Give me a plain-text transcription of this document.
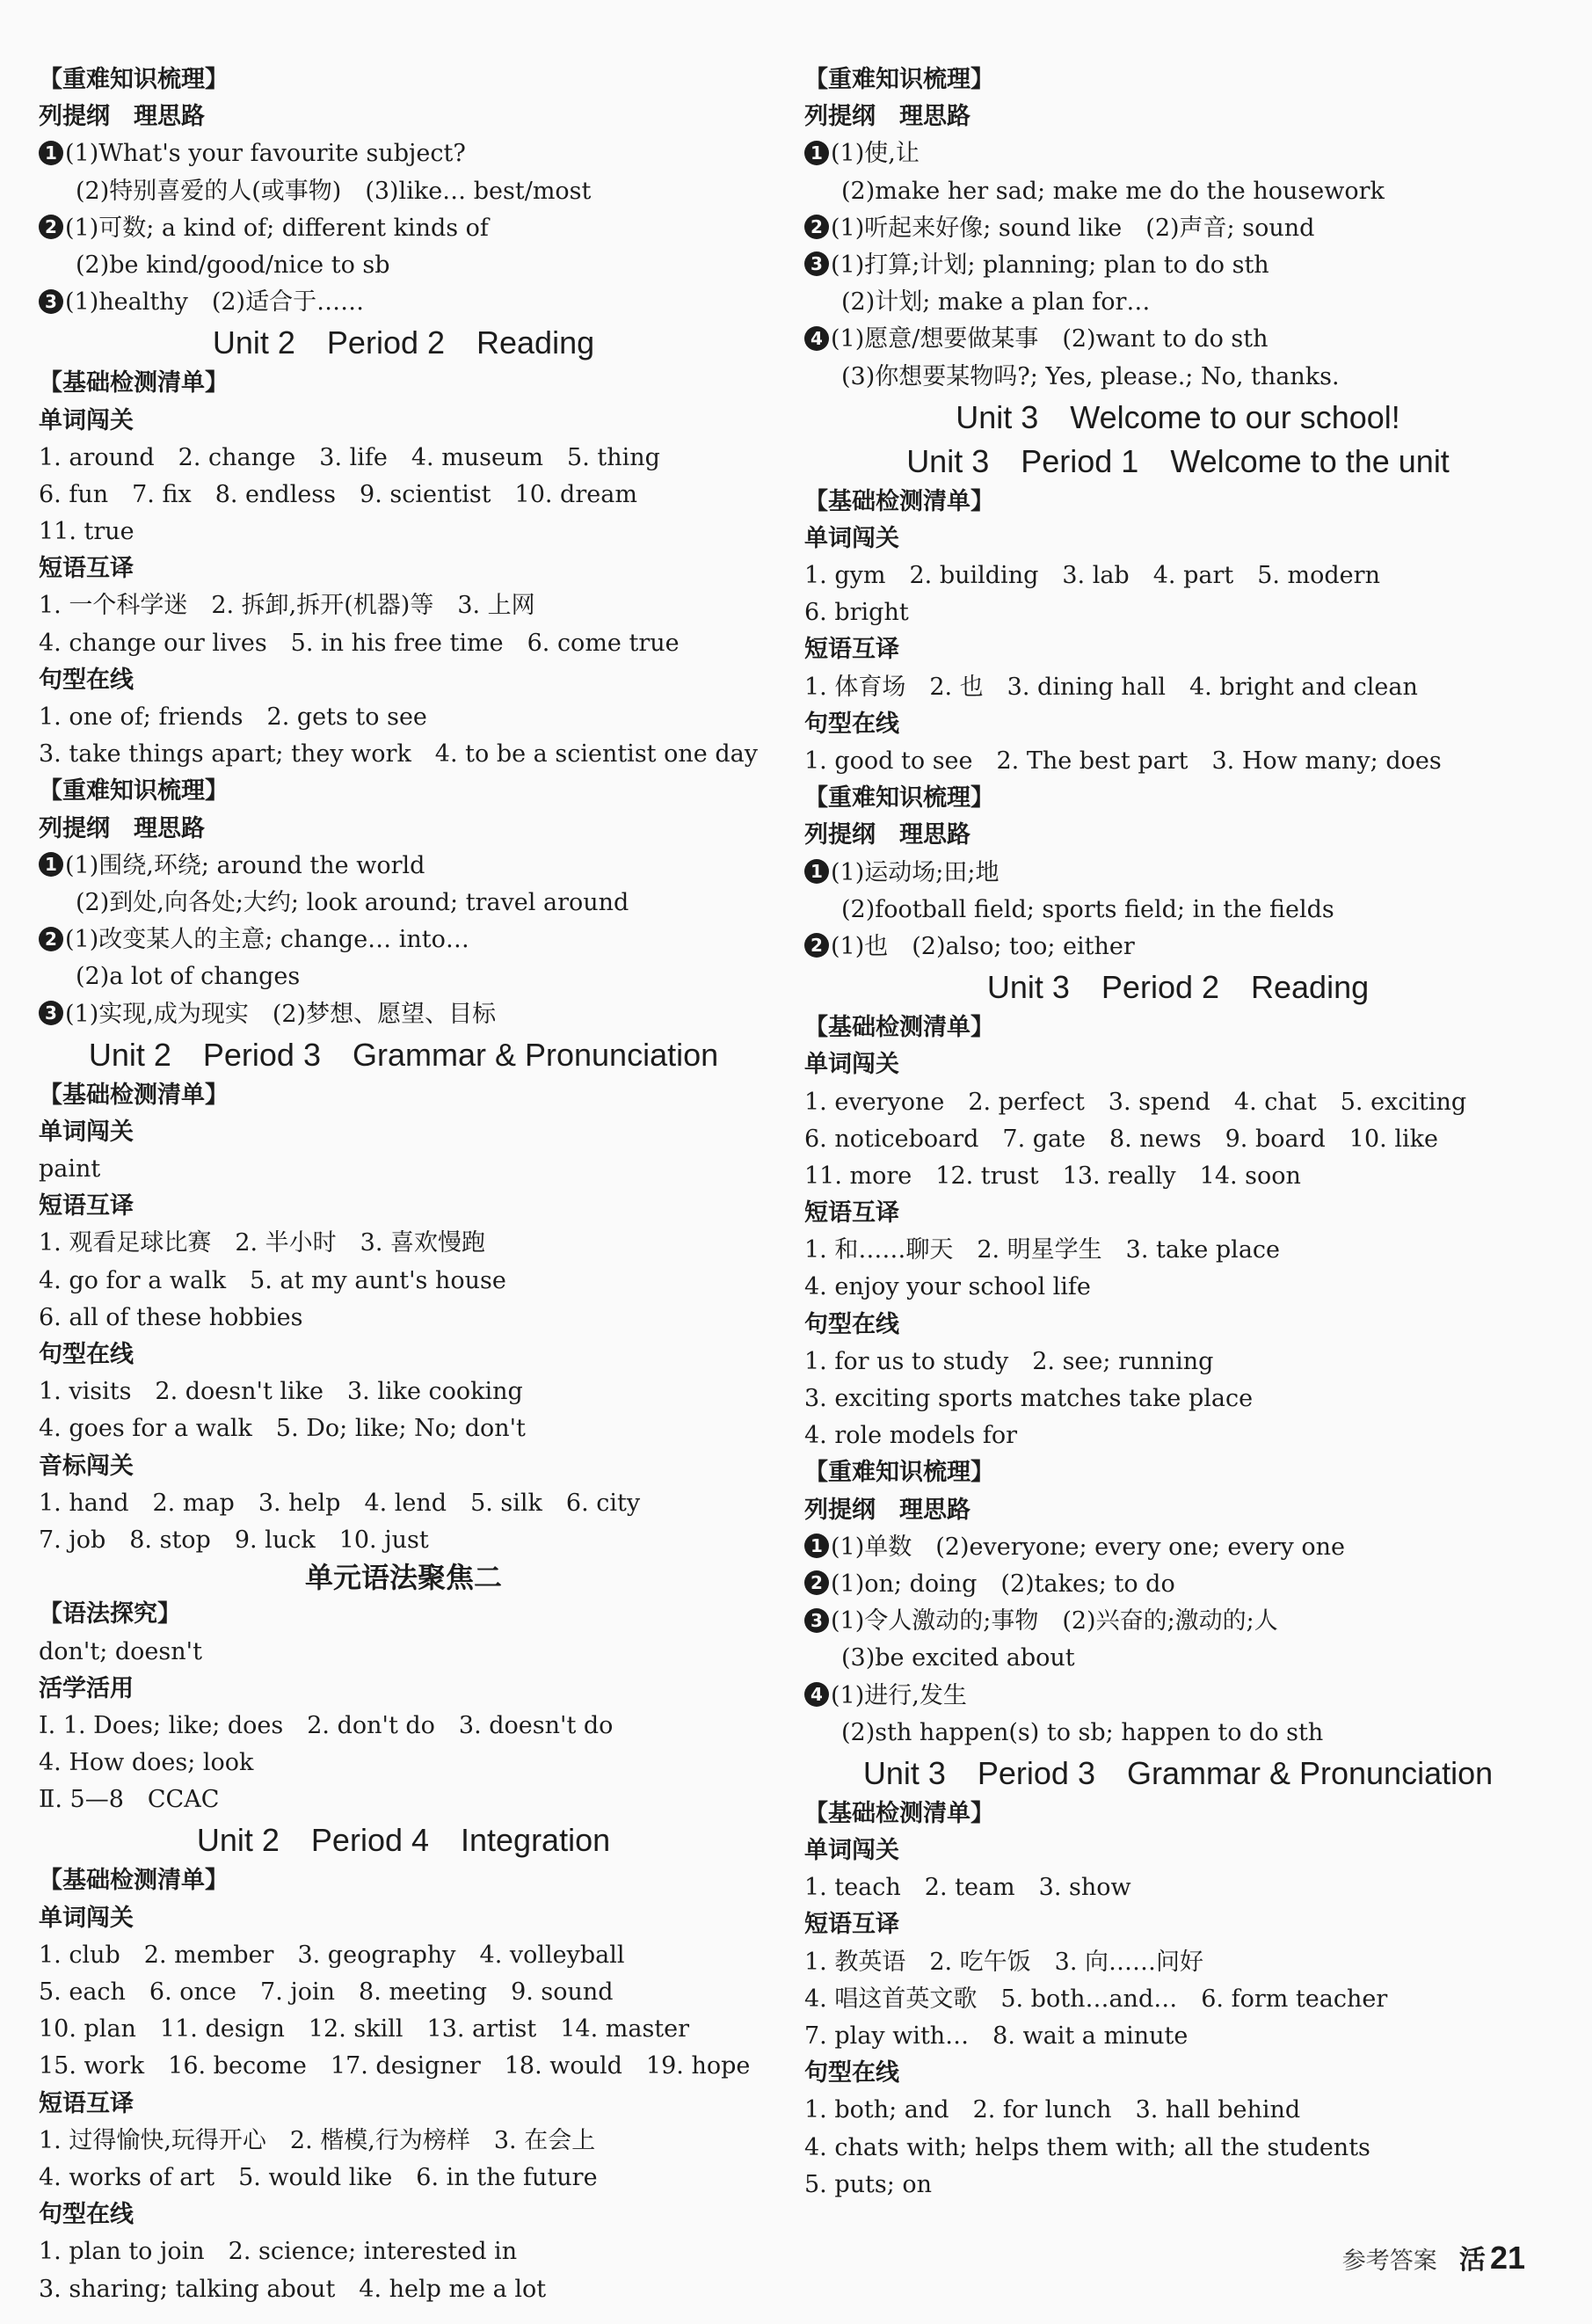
【重难知识梳理】
列提纲　理思路
1 (1)What's your favourite subject?
(2)特别喜爱的人(或事物)　(3)like… best/most
2 (1)可数; a kind of; different kinds of
(2)be kind/good/nice to sb
3 (1)healthy　(2)适合于……
Unit 2　Period 2　Reading
【基础检测清单】
单词闯关
1. around　2. change　3. life　4. museum　5. thing
6. fun　7. fix　8. endless　9. scientist　10. dream
11. true
短语互译
1. 一个科学迷　2. 拆卸,拆开(机器)等　3. 上网
4. change our lives　5. in his free time　6. come true
句型在线
1. one of; friends　2. gets to see
3. take things apart; they work　4. to be a scientist one day
【重难知识梳理】
列提纲　理思路
1 (1)围绕,环绕; around the world
(2)到处,向各处;大约; look around; travel around
2 (1)改变某人的主意; change… into…
(2)a lot of changes
3 (1)实现,成为现实　(2)梦想、愿望、目标
Unit 2　Period 3　Grammar & Pronunciation
【基础检测清单】
单词闯关
paint
短语互译
1. 观看足球比赛　2. 半小时　3. 喜欢慢跑
4. go for a walk　5. at my aunt's house
6. all of these hobbies
句型在线
1. visits　2. doesn't like　3. like cooking
4. goes for a walk　5. Do; like; No; don't
音标闯关
1. hand　2. map　3. help　4. lend　5. silk　6. city
7. job　8. stop　9. luck　10. just
单元语法聚焦二
【语法探究】
don't; doesn't
活学活用
Ⅰ. 1. Does; like; does　2. don't do　3. doesn't do
4. How does; look
Ⅱ. 5—8　CCAC
Unit 2　Period 4　Integration
【基础检测清单】
单词闯关
1. club　2. member　3. geography　4. volleyball
5. each　6. once　7. join　8. meeting　9. sound
10. plan　11. design　12. skill　13. artist　14. master
15. work　16. become　17. designer　18. would　19. hope
短语互译
1. 过得愉快,玩得开心　2. 楷模,行为榜样　3. 在会上
4. works of art　5. would like　6. in the future
句型在线
1. plan to join　2. science; interested in
3. sharing; talking about　4. help me a lot
【重难知识梳理】
列提纲　理思路
1 (1)使,让
(2)make her sad; make me do the housework
2 (1)听起来好像; sound like　(2)声音; sound
3 (1)打算;计划; planning; plan to do sth
(2)计划; make a plan for…
4 (1)愿意/想要做某事　(2)want to do sth
(3)你想要某物吗?; Yes, please.; No, thanks.
Unit 3　Welcome to our school!
Unit 3　Period 1　Welcome to the unit
【基础检测清单】
单词闯关
1. gym　2. building　3. lab　4. part　5. modern
6. bright
短语互译
1. 体育场　2. 也　3. dining hall　4. bright and clean
句型在线
1. good to see　2. The best part　3. How many; does
【重难知识梳理】
列提纲　理思路
1 (1)运动场;田;地
(2)football field; sports field; in the fields
2 (1)也　(2)also; too; either
Unit 3　Period 2　Reading
【基础检测清单】
单词闯关
1. everyone　2. perfect　3. spend　4. chat　5. exciting
6. noticeboard　7. gate　8. news　9. board　10. like
11. more　12. trust　13. really　14. soon
短语互译
1. 和……聊天　2. 明星学生　3. take place
4. enjoy your school life
句型在线
1. for us to study　2. see; running
3. exciting sports matches take place
4. role models for
【重难知识梳理】
列提纲　理思路
1 (1)单数　(2)everyone; every one; every one
2 (1)on; doing　(2)takes; to do
3 (1)令人激动的;事物　(2)兴奋的;激动的;人
(3)be excited about
4 (1)进行,发生
(2)sth happen(s) to sb; happen to do sth
Unit 3　Period 3　Grammar & Pronunciation
【基础检测清单】
单词闯关
1. teach　2. team　3. show
短语互译
1. 教英语　2. 吃午饭　3. 向……问好
4. 唱这首英文歌　5. both…and…　6. form teacher
7. play with…　8. wait a minute
句型在线
1. both; and　2. for lunch　3. hall behind
4. chats with; helps them with; all the students
5. puts; on
参考答案 活 21
